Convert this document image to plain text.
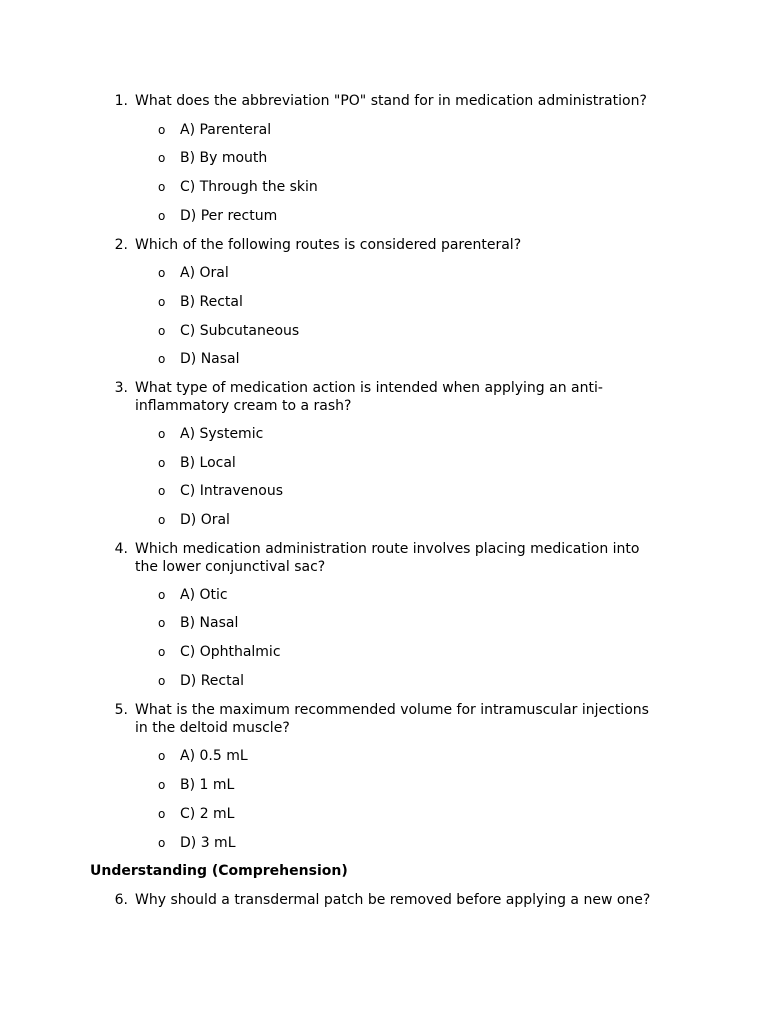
1. What does the abbreviation "PO" stand for in medication administration?
o A) Parenteral
o B) By mouth
o C) Through the skin
o D) Per rectum
2. Which of the following routes is considered parenteral?
o A) Oral
o B) Rectal
o C) Subcutaneous
o D) Nasal
3. What type of medication action is intended when applying an anti-inflammatory cream to a rash?
o A) Systemic
o B) Local
o C) Intravenous
o D) Oral
4. Which medication administration route involves placing medication into the lower conjunctival sac?
o A) Otic
o B) Nasal
o C) Ophthalmic
o D) Rectal
5. What is the maximum recommended volume for intramuscular injections in the deltoid muscle?
o A) 0.5 mL
o B) 1 mL
o C) 2 mL
o D) 3 mL
Understanding (Comprehension)
6. Why should a transdermal patch be removed before applying a new one?
